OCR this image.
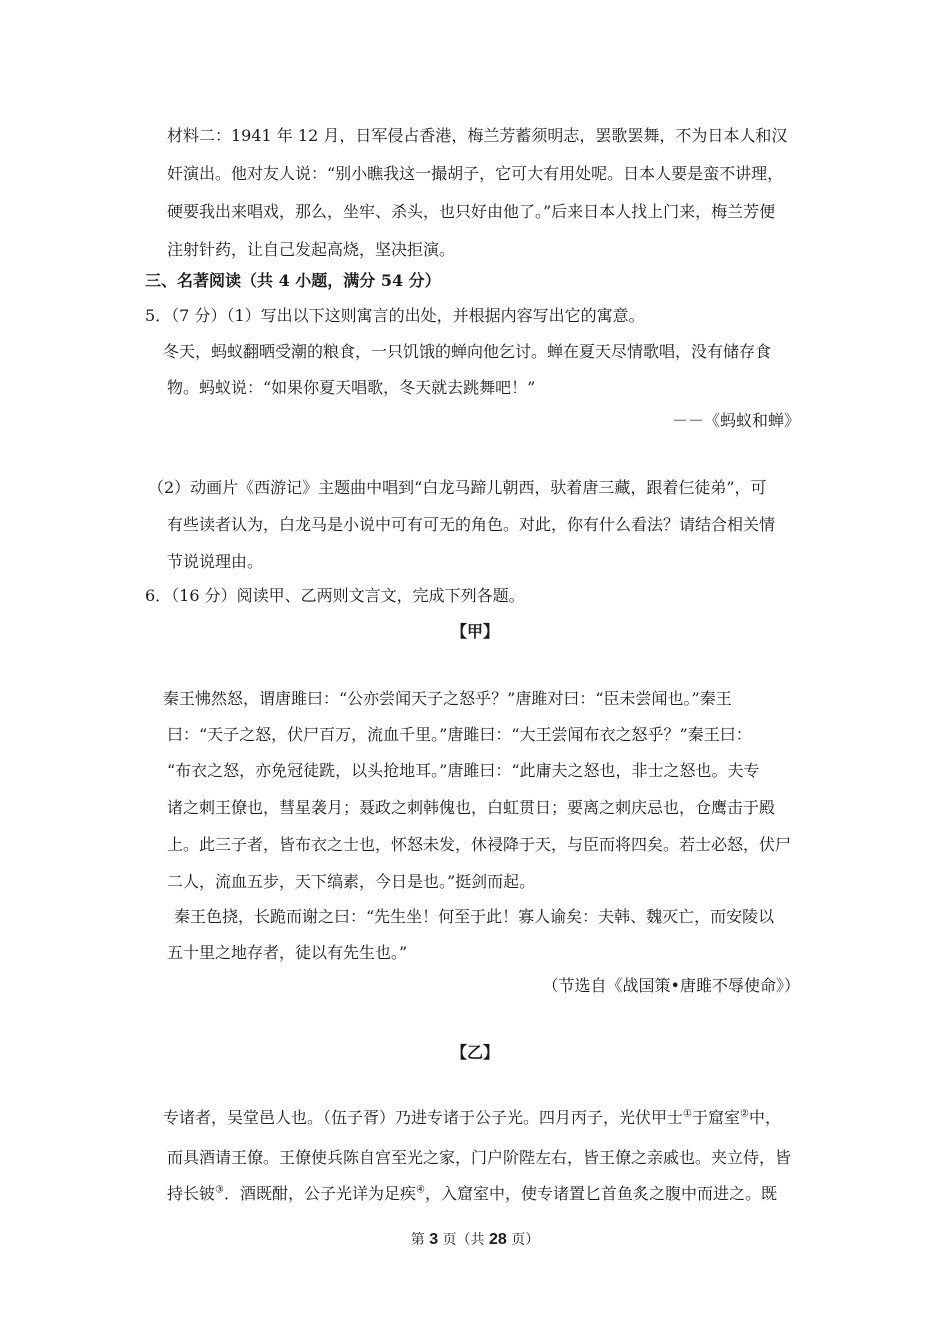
材料二：1941 年 12 月，日军侵占香港，梅兰芳蓄须明志，罢歌罢舞，不为日本人和汉
奸演出。他对友人说：“别小瞧我这一撮胡子，它可大有用处呢。日本人要是蛮不讲理，
硬要我出来唱戏，那么，坐牢、杀头，也只好由他了。”后来日本人找上门来，梅兰芳便
注射针药，让自己发起高烧，坚决拒演。
三、名著阅读（共 4 小题，满分 54 分）
5．（7 分）（1）写出以下这则寓言的出处，并根据内容写出它的寓意。
冬天，蚂蚁翻晒受潮的粮食，一只饥饿的蝉向他乞讨。蝉在夏天尽情歌唱，没有储存食
物。蚂蚁说：“如果你夏天唱歌，冬天就去跳舞吧！”
－－《蚂蚁和蝉》
（2）动画片《西游记》主题曲中唱到“白龙马蹄儿朝西，驮着唐三藏，跟着仨徒弟”，可
有些读者认为，白龙马是小说中可有可无的角色。对此，你有什么看法？请结合相关情
节说说理由。
6．（16 分）阅读甲、乙两则文言文，完成下列各题。
【甲】
秦王怫然怒，谓唐雎曰：“公亦尝闻天子之怒乎？”唐雎对曰：“臣未尝闻也。”秦王
曰：“天子之怒，伏尸百万，流血千里。”唐雎曰：“大王尝闻布衣之怒乎？”秦王曰：
“布衣之怒，亦免冠徒跣，以头抢地耳。”唐雎曰：“此庸夫之怒也，非士之怒也。夫专
诸之刺王僚也，彗星袭月；聂政之刺韩傀也，白虹贯日；要离之刺庆忌也，仓鹰击于殿
上。此三子者，皆布衣之士也，怀怒未发，休祲降于天，与臣而将四矣。若士必怒，伏尸
二人，流血五步，天下缟素，今日是也。”挺剑而起。
秦王色挠，长跪而谢之曰：“先生坐！何至于此！寡人谕矣：夫韩、魏灭亡，而安陵以
五十里之地存者，徒以有先生也。”
（节选自《战国策•唐雎不辱使命》）
【乙】
专诸者，吴堂邑人也。（伍子胥）乃进专诸于公子光。四月丙子，光伏甲士①于窟室②中，
而具酒请王僚。王僚使兵陈自宫至光之家，门户阶陛左右，皆王僚之亲戚也。夹立侍，皆
持长铍③．酒既酣，公子光详为足疾④，入窟室中，使专诸置匕首鱼炙之腹中而进之。既
第 3 页（共 28 页）
